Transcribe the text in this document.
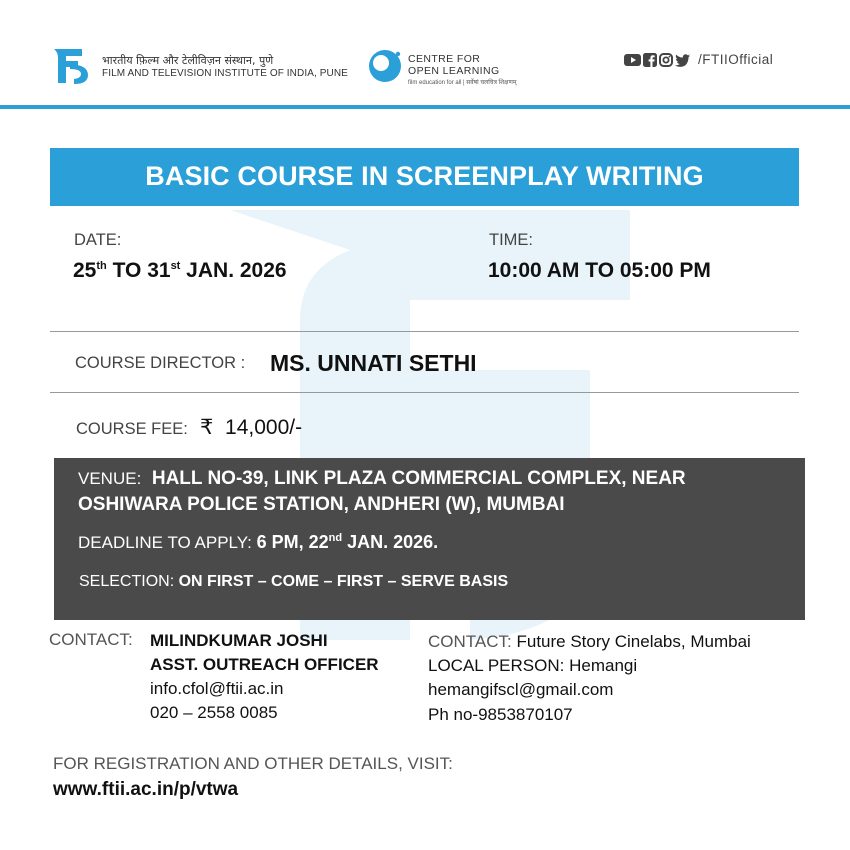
भारतीय फ़िल्म और टेलीविज़न संस्थान, पुणे
FILM AND TELEVISION INSTITUTE OF INDIA, PUNE
CENTRE FOR
OPEN LEARNING
film education for all | सर्वेषां चलचित्र शिक्षणम्
/FTIIOfficial
BASIC COURSE IN SCREENPLAY WRITING
DATE:
25th TO 31st JAN. 2026
TIME:
10:00 AM TO 05:00 PM
COURSE DIRECTOR : MS. UNNATI SETHI
COURSE FEE: ₹ 14,000/-
VENUE: HALL NO-39, LINK PLAZA COMMERCIAL COMPLEX, NEAR
OSHIWARA POLICE STATION, ANDHERI (W), MUMBAI
DEADLINE TO APPLY: 6 PM, 22nd JAN. 2026.
SELECTION: ON FIRST – COME – FIRST – SERVE BASIS
CONTACT: MILINDKUMAR JOSHI
ASST. OUTREACH OFFICER
info.cfol@ftii.ac.in
020 – 2558 0085
CONTACT: Future Story Cinelabs, Mumbai
LOCAL PERSON: Hemangi
hemangifscl@gmail.com
Ph no-9853870107
FOR REGISTRATION AND OTHER DETAILS, VISIT:
www.ftii.ac.in/p/vtwa
